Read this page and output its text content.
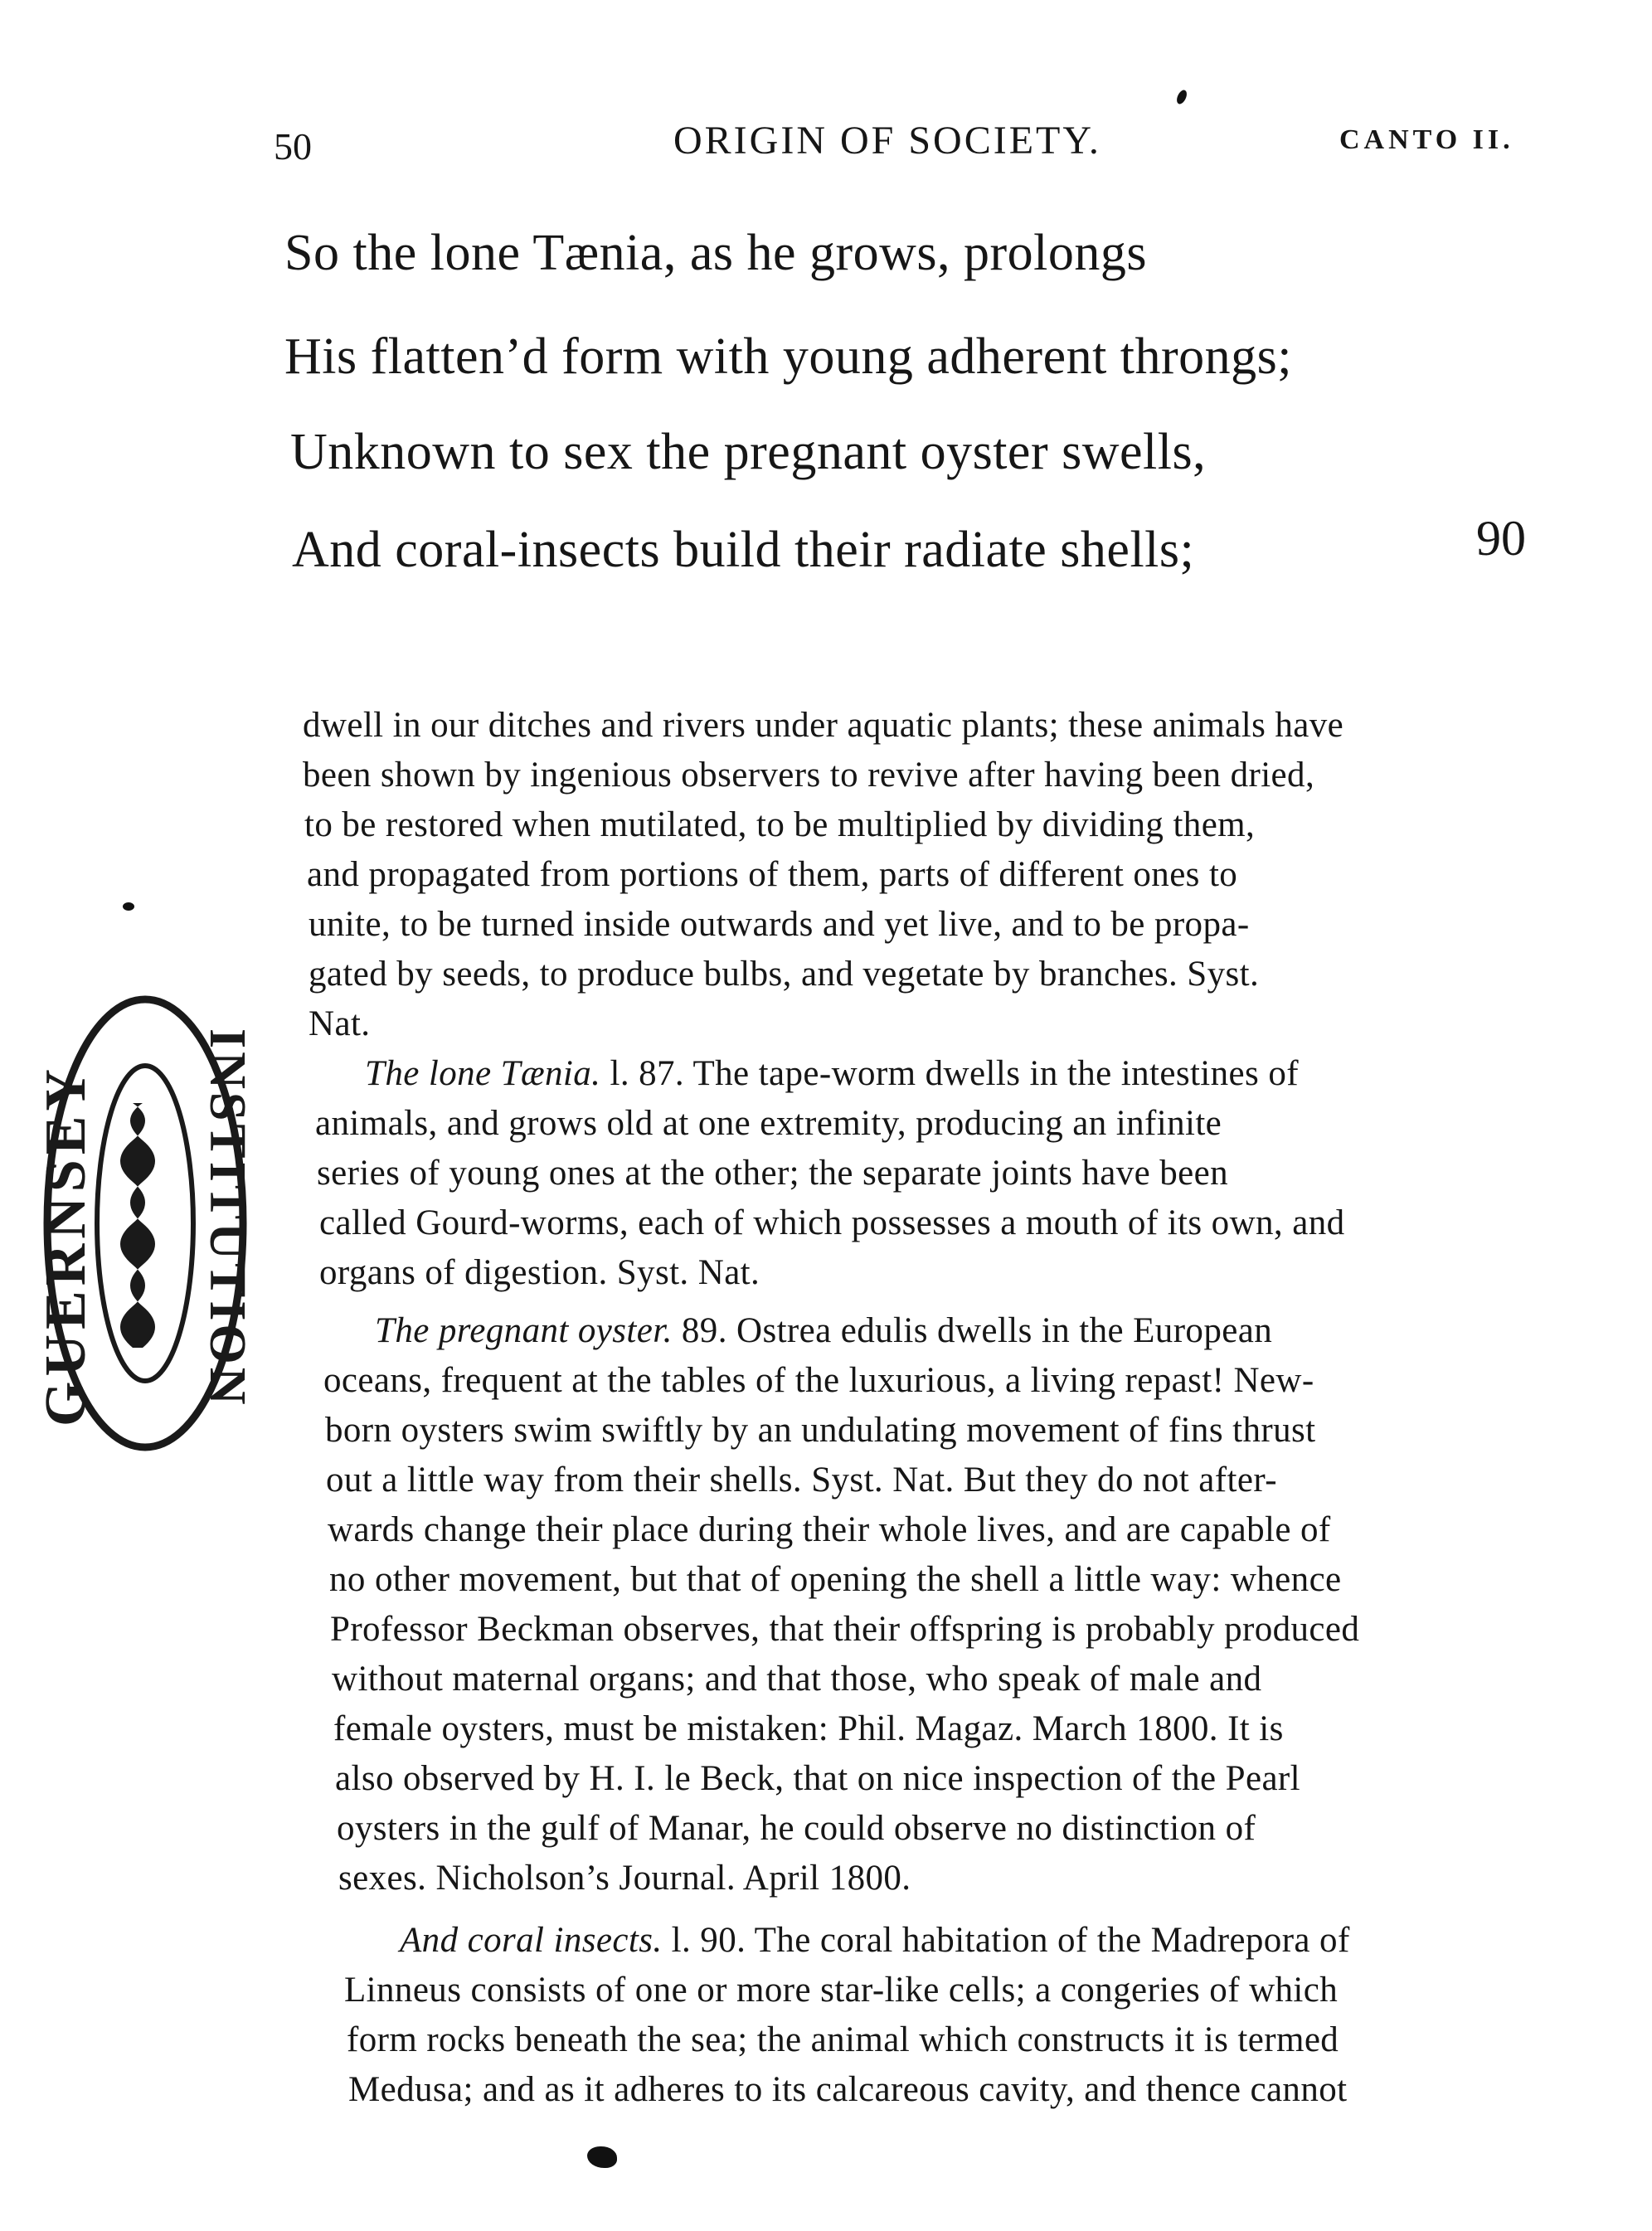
50	ORIGIN OF SOCIETY.	CANTO II.
So the lone Tænia, as he grows, prolongs
His flatten’d form with young adherent throngs;
Unknown to sex the pregnant oyster swells,
And coral-insects build their radiate shells;	90
dwell in our ditches and rivers under aquatic plants; these animals have
been shown by ingenious observers to revive after having been dried,
to be restored when mutilated, to be multiplied by dividing them,
and propagated from portions of them, parts of different ones to
unite, to be turned inside outwards and yet live, and to be propa-
gated by seeds, to produce bulbs, and vegetate by branches. Syst.
Nat.
The lone Tænia. l. 87. The tape-worm dwells in the intestines of
animals, and grows old at one extremity, producing an infinite
series of young ones at the other; the separate joints have been
called Gourd-worms, each of which possesses a mouth of its own, and
organs of digestion. Syst. Nat.
The pregnant oyster. 89. Ostrea edulis dwells in the European
oceans, frequent at the tables of the luxurious, a living repast! New-
born oysters swim swiftly by an undulating movement of fins thrust
out a little way from their shells. Syst. Nat. But they do not after-
wards change their place during their whole lives, and are capable of
no other movement, but that of opening the shell a little way: whence
Professor Beckman observes, that their offspring is probably produced
without maternal organs; and that those, who speak of male and
female oysters, must be mistaken: Phil. Magaz. March 1800. It is
also observed by H. I. le Beck, that on nice inspection of the Pearl
oysters in the gulf of Manar, he could observe no distinction of
sexes. Nicholson’s Journal. April 1800.
And coral insects. l. 90. The coral habitation of the Madrepora of
Linneus consists of one or more star-like cells; a congeries of which
form rocks beneath the sea; the animal which constructs it is termed
Medusa; and as it adheres to its calcareous cavity, and thence cannot
GUERNSEY INSTITUTION
